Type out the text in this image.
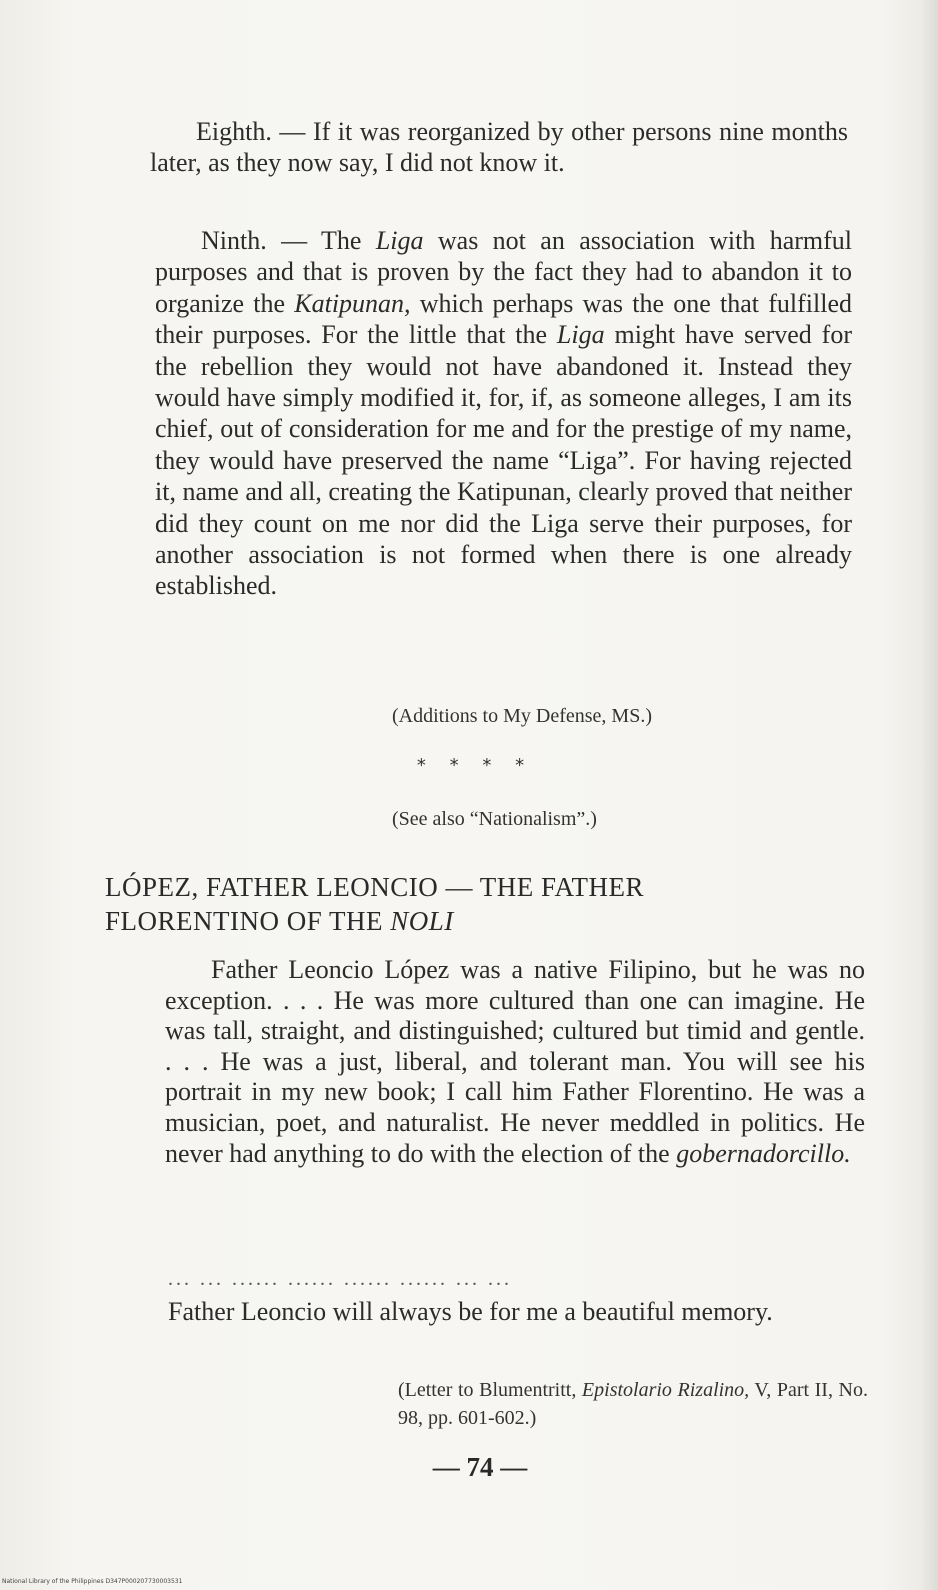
Eighth. — If it was reorganized by other persons nine months later, as they now say, I did not know it.

Ninth. — The Liga was not an association with harmful purposes and that is proven by the fact they had to abandon it to organize the Katipunan, which perhaps was the one that fulfilled their purposes. For the little that the Liga might have served for the rebellion they would not have abandoned it. Instead they would have simply modified it, for, if, as someone alleges, I am its chief, out of consideration for me and for the prestige of my name, they would have preserved the name “Liga”. For having rejected it, name and all, creating the Katipunan, clearly proved that neither did they count on me nor did the Liga serve their purposes, for another association is not formed when there is one already established.

(Additions to My Defense, MS.)
* * * *
(See also “Nationalism”.)
LÓPEZ, FATHER LEONCIO — THE FATHER
FLORENTINO OF THE NOLI

Father Leoncio López was a native Filipino, but he was no exception. . . . He was more cultured than one can imagine. He was tall, straight, and distinguished; cultured but timid and gentle. . . . He was a just, liberal, and tolerant man. You will see his portrait in my new book; I call him Father Florentino. He was a musician, poet, and naturalist. He never meddled in politics. He never had anything to do with the election of the gobernadorcillo.

... ... ...... ...... ...... ...... ... ...

Father Leoncio will always be for me a beautiful memory.

(Letter to Blumentritt, Epistolario Rizalino, V, Part II, No. 98, pp. 601-602.)
— 74 —
National Library of the Philippines D347P000207730003531
